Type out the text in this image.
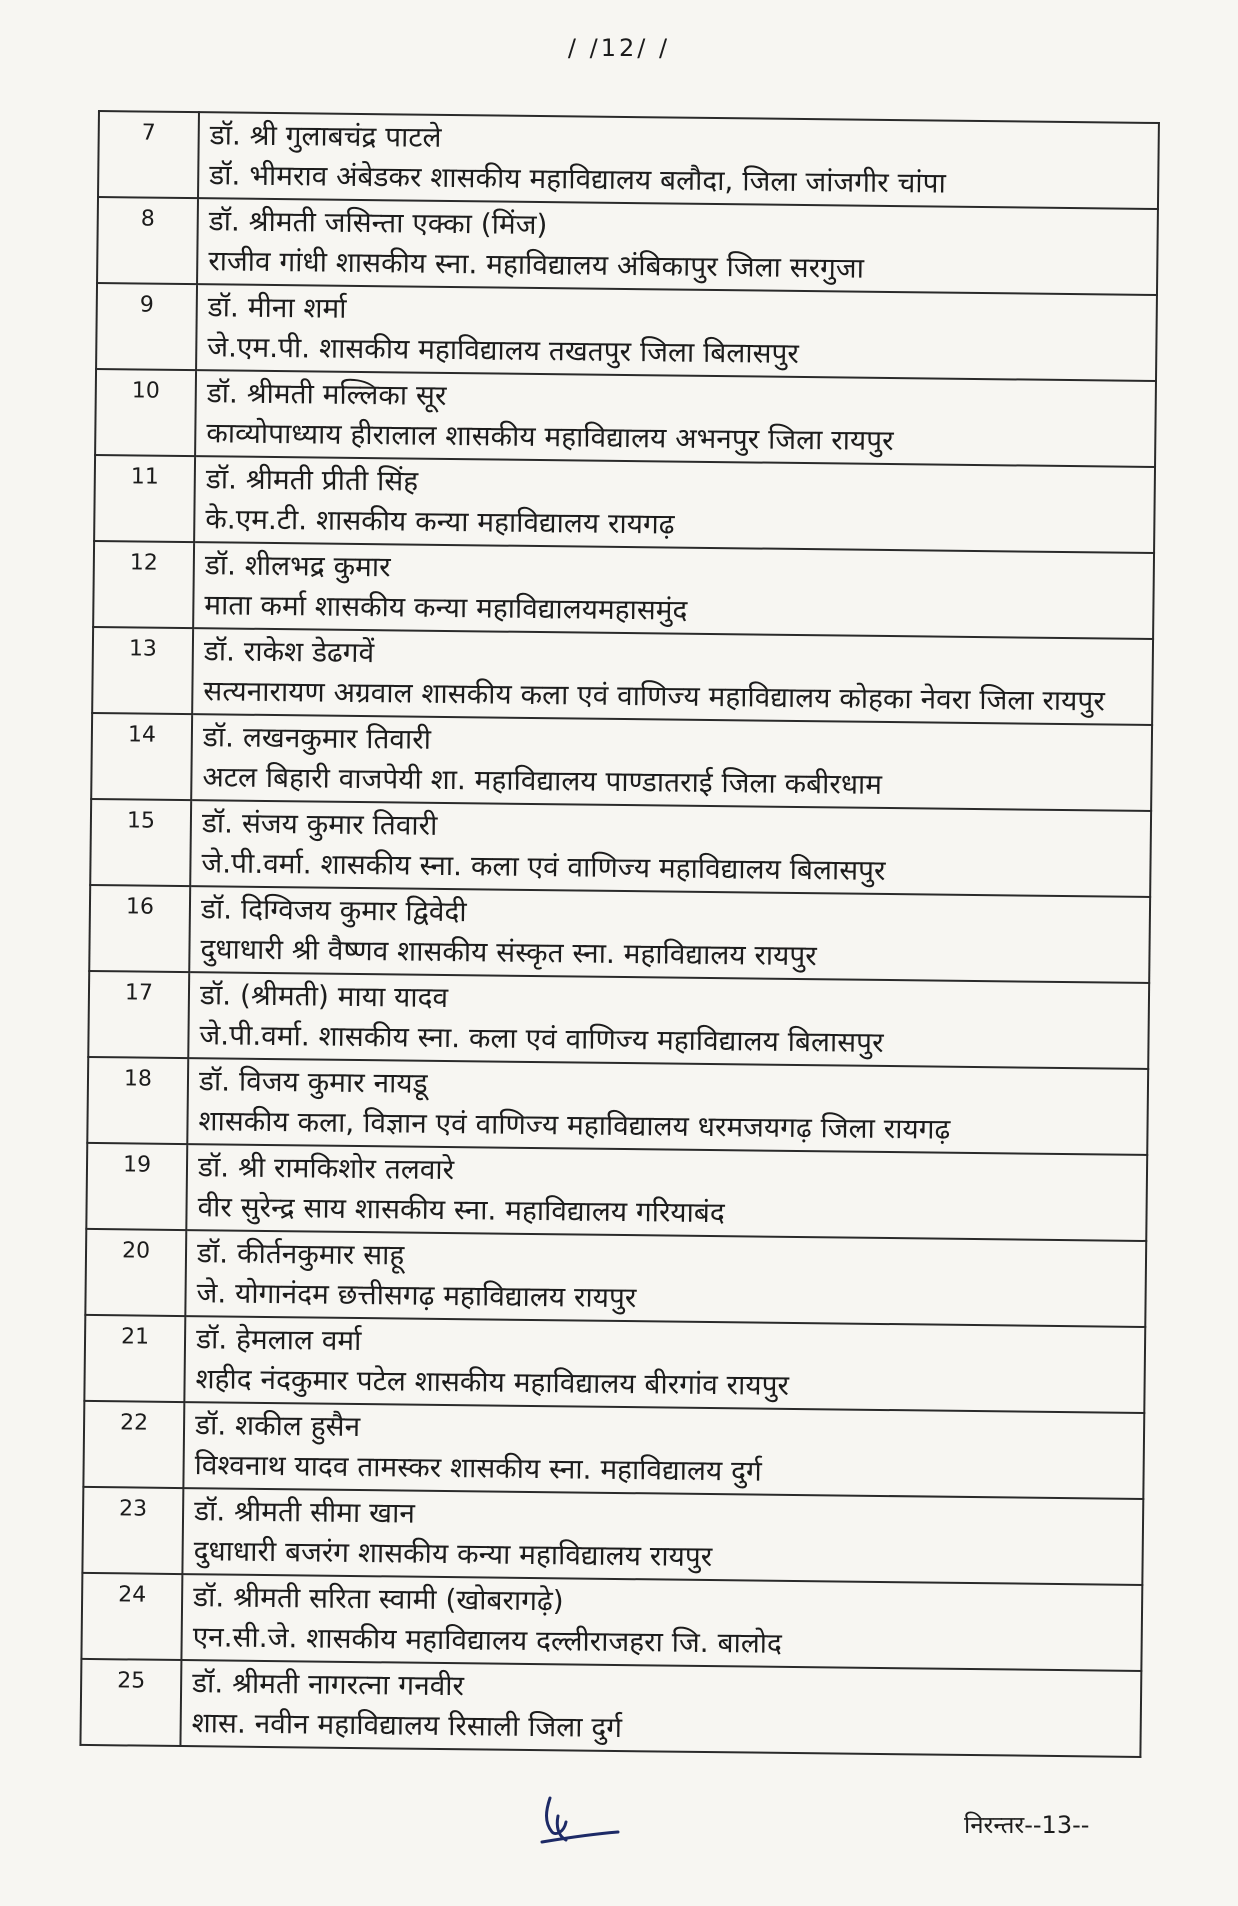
/ /12/ /
7	डॉ. श्री गुलाबचंद्र पाटले
डॉ. भीमराव अंबेडकर शासकीय महाविद्यालय बलौदा, जिला जांजगीर चांपा

8	डॉ. श्रीमती जसिन्ता एक्का (मिंज)
राजीव गांधी शासकीय स्ना. महाविद्यालय अंबिकापुर जिला सरगुजा

9	डॉ. मीना शर्मा
जे.एम.पी. शासकीय महाविद्यालय तखतपुर जिला बिलासपुर

10	डॉ. श्रीमती मल्लिका सूर
काव्योपाध्याय हीरालाल शासकीय महाविद्यालय अभनपुर जिला रायपुर

11	डॉ. श्रीमती प्रीती सिंह
के.एम.टी. शासकीय कन्या महाविद्यालय रायगढ़

12	डॉ. शीलभद्र कुमार
माता कर्मा शासकीय कन्या महाविद्यालयमहासमुंद

13	डॉ. राकेश डेढगवें
सत्यनारायण अग्रवाल शासकीय कला एवं वाणिज्य महाविद्यालय कोहका नेवरा जिला रायपुर

14	डॉ. लखनकुमार तिवारी
अटल बिहारी वाजपेयी शा. महाविद्यालय पाण्डातराई जिला कबीरधाम

15	डॉ. संजय कुमार तिवारी
जे.पी.वर्मा. शासकीय स्ना. कला एवं वाणिज्य महाविद्यालय बिलासपुर

16	डॉ. दिग्विजय कुमार द्विवेदी
दुधाधारी श्री वैष्णव शासकीय संस्कृत स्ना. महाविद्यालय रायपुर

17	डॉ. (श्रीमती) माया यादव
जे.पी.वर्मा. शासकीय स्ना. कला एवं वाणिज्य महाविद्यालय बिलासपुर

18	डॉ. विजय कुमार नायडू
शासकीय कला, विज्ञान एवं वाणिज्य महाविद्यालय धरमजयगढ़ जिला रायगढ़

19	डॉ. श्री रामकिशोर तलवारे
वीर सुरेन्द्र साय शासकीय स्ना. महाविद्यालय गरियाबंद

20	डॉ. कीर्तनकुमार साहू
जे. योगानंदम छत्तीसगढ़ महाविद्यालय रायपुर

21	डॉ. हेमलाल वर्मा
शहीद नंदकुमार पटेल शासकीय महाविद्यालय बीरगांव रायपुर

22	डॉ. शकील हुसैन
विश्वनाथ यादव तामस्कर शासकीय स्ना. महाविद्यालय दुर्ग

23	डॉ. श्रीमती सीमा खान
दुधाधारी बजरंग शासकीय कन्या महाविद्यालय रायपुर

24	डॉ. श्रीमती सरिता स्वामी (खोबरागढ़े)
एन.सी.जे. शासकीय महाविद्यालय दल्लीराजहरा जि. बालोद

25	डॉ. श्रीमती नागरत्ना गनवीर
शास. नवीन महाविद्यालय रिसाली जिला दुर्ग
निरन्तर--13--
